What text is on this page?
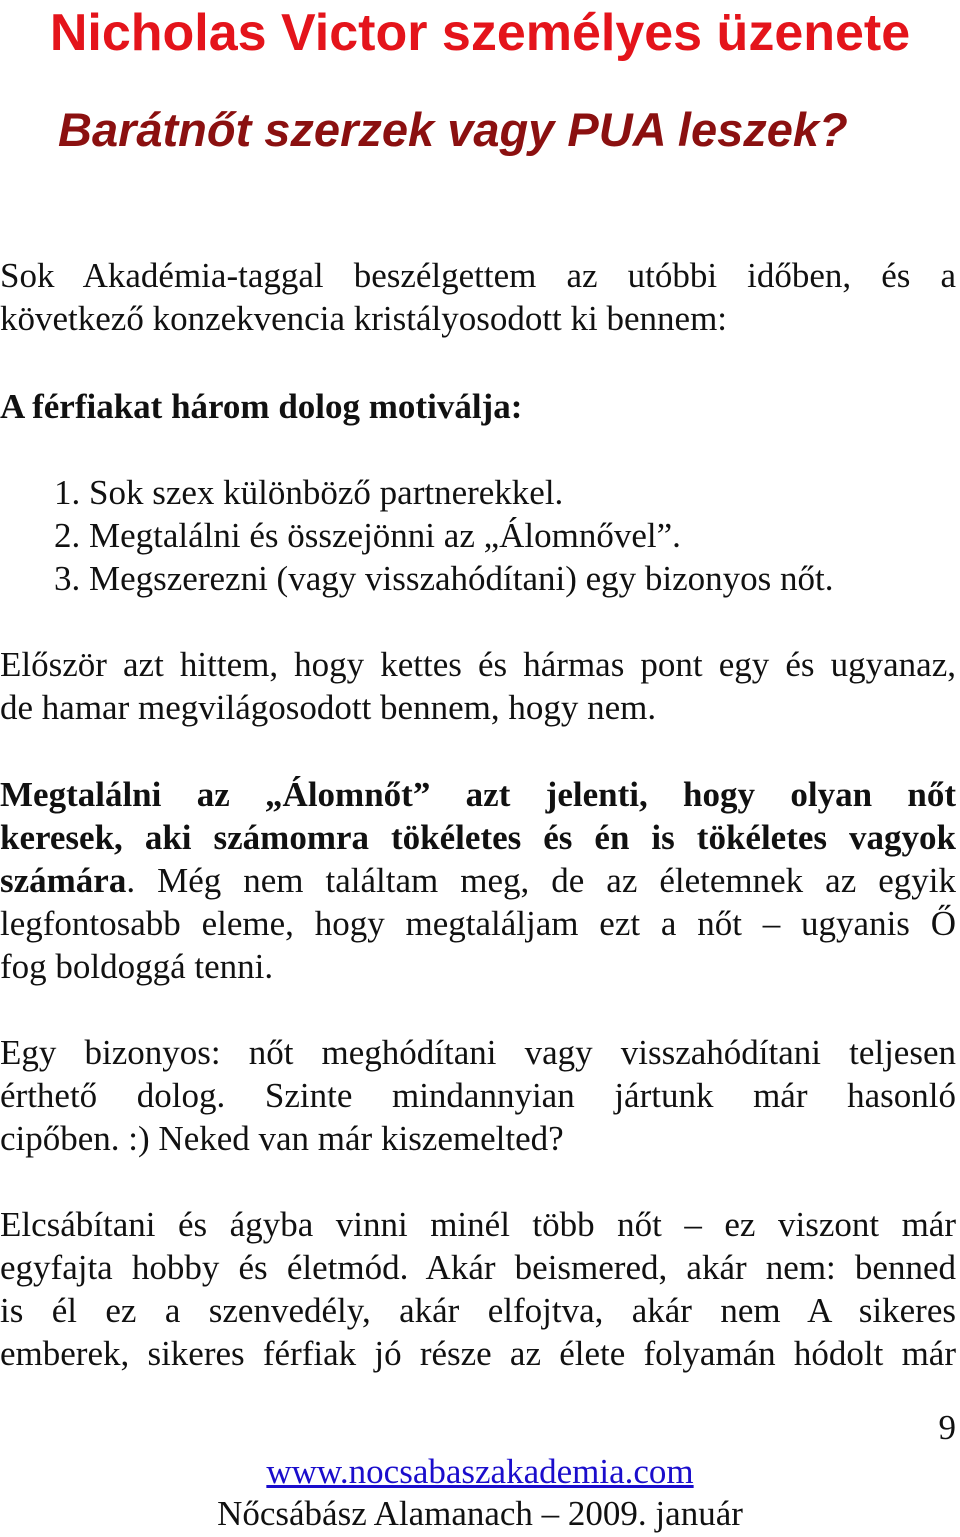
Nicholas Victor személyes üzenete
Barátnőt szerzek vagy PUA leszek?

Sok Akadémia-taggal beszélgettem az utóbbi időben, és a
következő konzekvencia kristályosodott ki bennem:

A férfiakat három dolog motiválja:

1. Sok szex különböző partnerekkel.
2. Megtalálni és összejönni az „Álomnővel”.
3. Megszerezni (vagy visszahódítani) egy bizonyos nőt.

Először azt hittem, hogy kettes és hármas pont egy és ugyanaz,
de hamar megvilágosodott bennem, hogy nem.

Megtalálni az „Álomnőt” azt jelenti, hogy olyan nőt
keresek, aki számomra tökéletes és én is tökéletes vagyok
számára. Még nem találtam meg, de az életemnek az egyik
legfontosabb eleme, hogy megtaláljam ezt a nőt – ugyanis Ő
fog boldoggá tenni.

Egy bizonyos: nőt meghódítani vagy visszahódítani teljesen
érthető dolog. Szinte mindannyian jártunk már hasonló
cipőben. :) Neked van már kiszemelted?

Elcsábítani és ágyba vinni minél több nőt – ez viszont már
egyfajta hobby és életmód. Akár beismered, akár nem: benned
is él ez a szenvedély, akár elfojtva, akár nem A sikeres
emberek, sikeres férfiak jó része az élete folyamán hódolt már

9
www.nocsabaszakademia.com
Nőcsábász Alamanach – 2009. január
